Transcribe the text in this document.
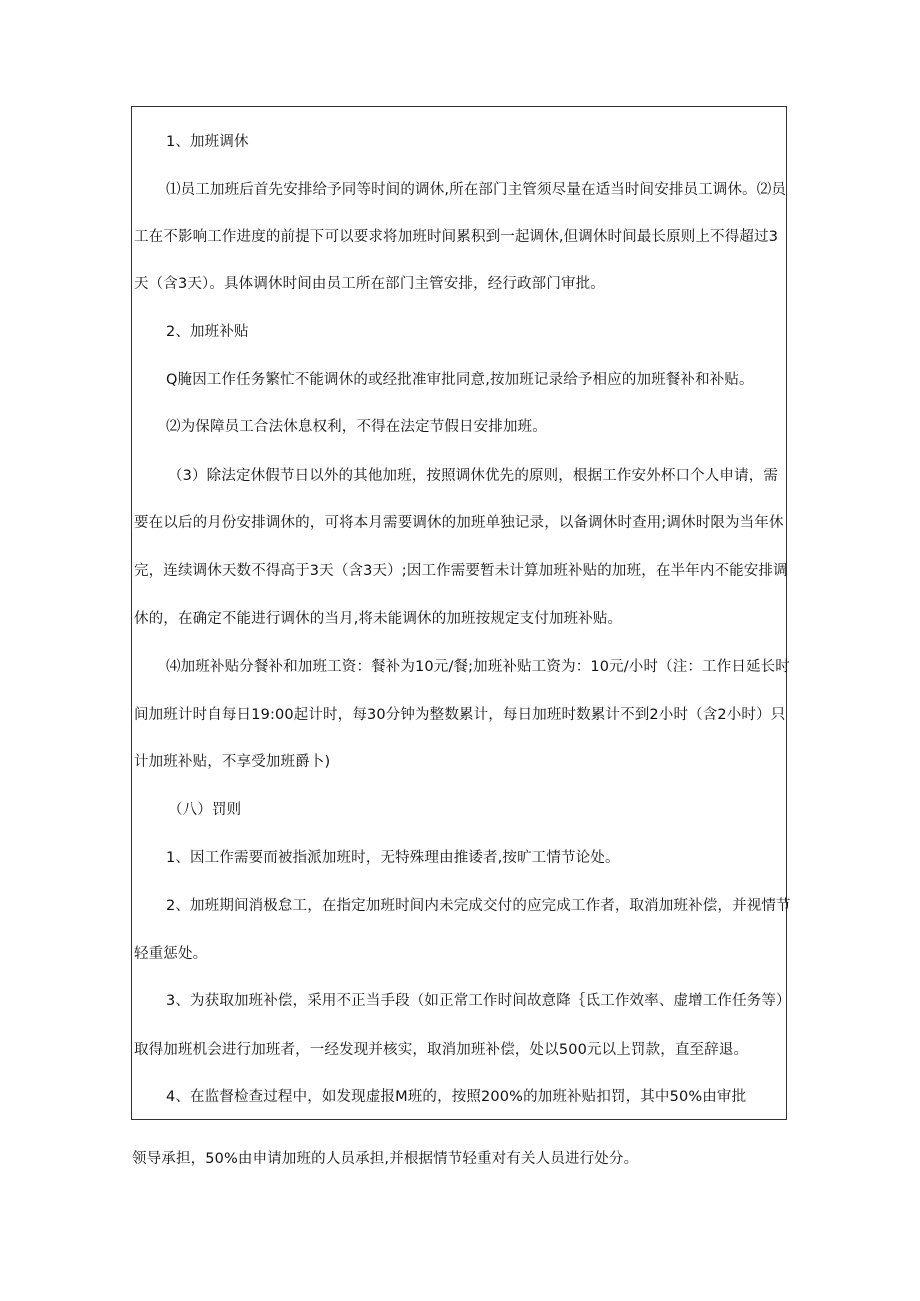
1、加班调休
⑴员工加班后首先安排给予同等时间的调休,所在部门主管须尽量在适当时间安排员工调休。⑵员
工在不影响工作进度的前提下可以要求将加班时间累积到一起调休,但调休时间最长原则上不得超过3
天（含3天）。具体调休时间由员工所在部门主管安排，经行政部门审批。
2、加班补贴
Q腌因工作任务繁忙不能调休的或经批准审批同意,按加班记录给予相应的加班餐补和补贴。
⑵为保障员工合法休息权利，不得在法定节假日安排加班。
（3）除法定休假节日以外的其他加班，按照调休优先的原则，根据工作安外杯口个人申请，需
要在以后的月份安排调休的，可将本月需要调休的加班单独记录，以备调休时查用;调休时限为当年休
完，连续调休天数不得高于3天（含3天）;因工作需要暂未计算加班补贴的加班，在半年内不能安排调
休的，在确定不能进行调休的当月,将未能调休的加班按规定支付加班补贴。
⑷加班补贴分餐补和加班工资：餐补为10元/餐;加班补贴工资为：10元/小时（注：工作日延长时
间加班计时自每日19:00起计时，每30分钟为整数累计，每日加班时数累计不到2小时（含2小时）只
计加班补贴，不享受加班爵卜)
（八）罚则
1、因工作需要而被指派加班时，无特殊理由推诿者,按旷工情节论处。
2、加班期间消极怠工，在指定加班时间内未完成交付的应完成工作者，取消加班补偿，并视情节
轻重惩处。
3、为获取加班补偿，采用不正当手段（如正常工作时间故意降｛氐工作效率、虚增工作任务等）
取得加班机会进行加班者，一经发现并核实，取消加班补偿，处以500元以上罚款，直至辞退。
4、在监督检查过程中，如发现虚报M班的，按照200%的加班补贴扣罚，其中50%由审批
领导承担，50%由申请加班的人员承担,并根据情节轻重对有关人员进行处分。
